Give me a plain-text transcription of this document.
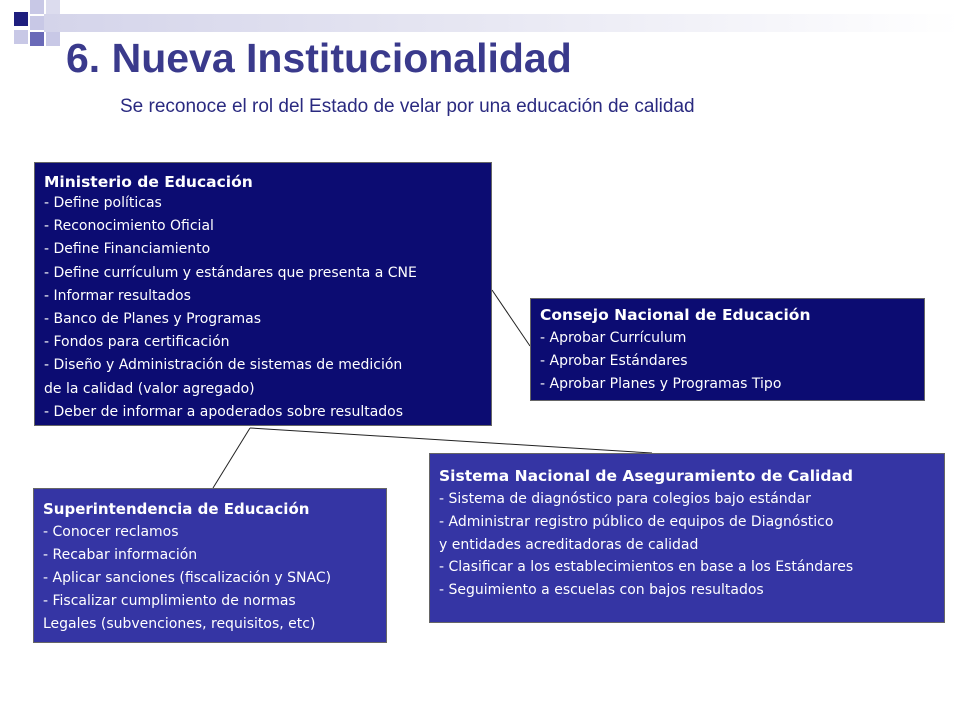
6. Nueva Institucionalidad
Se reconoce el rol del Estado de velar por una educación de calidad
Ministerio de Educación
- Define políticas
- Reconocimiento Oficial
- Define Financiamiento
- Define currículum y estándares que presenta a CNE
- Informar resultados
- Banco de Planes y Programas
- Fondos para certificación
- Diseño y Administración de sistemas de medición
de la calidad (valor agregado)
- Deber de informar a apoderados sobre resultados
Consejo Nacional de Educación
- Aprobar Currículum
- Aprobar Estándares
- Aprobar Planes y Programas Tipo
Superintendencia de Educación
- Conocer reclamos
- Recabar información
- Aplicar sanciones (fiscalización y SNAC)
- Fiscalizar cumplimiento de normas
Legales (subvenciones, requisitos, etc)
Sistema Nacional de Aseguramiento de Calidad
- Sistema de diagnóstico para colegios bajo estándar
- Administrar registro público de equipos de Diagnóstico
y entidades acreditadoras de calidad
- Clasificar a los establecimientos en base a los Estándares
- Seguimiento a escuelas con bajos resultados
